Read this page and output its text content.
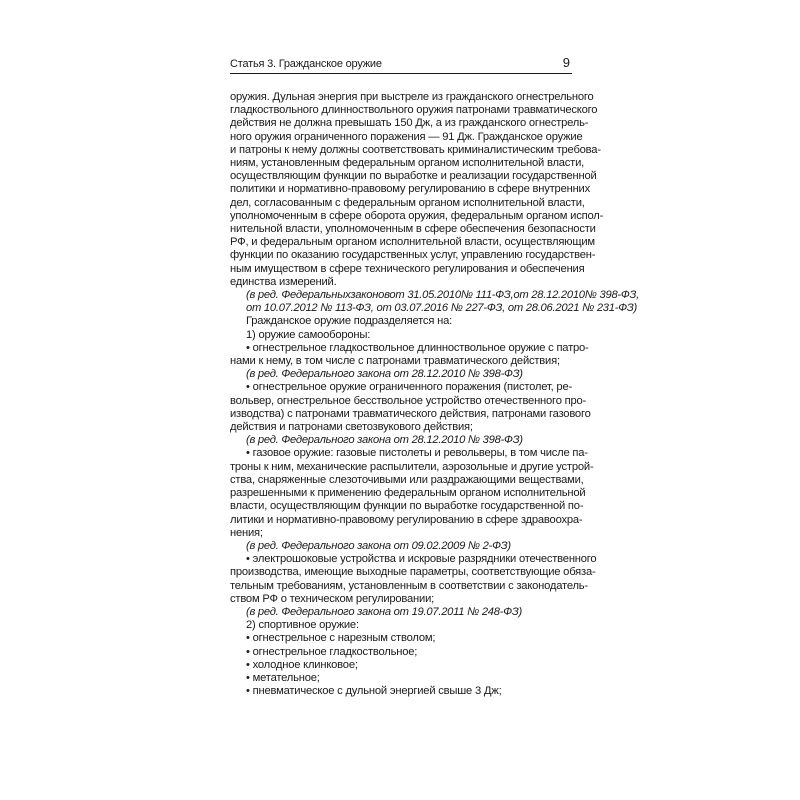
Статья 3. Гражданское оружие	9
оружия. Дульная энергия при выстреле из гражданского огнестрельного
гладкоствольного длинноствольного оружия патронами травматического
действия не должна превышать 150 Дж, а из гражданского огнестрель-
ного оружия ограниченного поражения — 91 Дж. Гражданское оружие
и патроны к нему должны соответствовать криминалистическим требова-
ниям, установленным федеральным органом исполнительной власти,
осуществляющим функции по выработке и реализации государственной
политики и нормативно-правовому регулированию в сфере внутренних
дел, согласованным с федеральным органом исполнительной власти,
уполномоченным в сфере оборота оружия, федеральным органом испол-
нительной власти, уполномоченным в сфере обеспечения безопасности
РФ, и федеральным органом исполнительной власти, осуществляющим
функции по оказанию государственных услуг, управлению государствен-
ным имуществом в сфере технического регулирования и обеспечения
единства измерений.
(в ред. Федеральныхзаконовот 31.05.2010№ 111-ФЗ,от 28.12.2010№ 398-ФЗ,
от 10.07.2012 № 113-ФЗ, от 03.07.2016 № 227-ФЗ, от 28.06.2021 № 231-ФЗ)
Гражданское оружие подразделяется на:
1) оружие самообороны:
• огнестрельное гладкоствольное длинноствольное оружие с патро-
нами к нему, в том числе с патронами травматического действия;
(в ред. Федерального закона от 28.12.2010 № 398-ФЗ)
• огнестрельное оружие ограниченного поражения (пистолет, ре-
вольвер, огнестрельное бесствольное устройство отечественного про-
изводства) с патронами травматического действия, патронами газового
действия и патронами светозвукового действия;
(в ред. Федерального закона от 28.12.2010 № 398-ФЗ)
• газовое оружие: газовые пистолеты и револьверы, в том числе па-
троны к ним, механические распылители, аэрозольные и другие устрой-
ства, снаряженные слезоточивыми или раздражающими веществами,
разрешенными к применению федеральным органом исполнительной
власти, осуществляющим функции по выработке государственной по-
литики и нормативно-правовому регулированию в сфере здравоохра-
нения;
(в ред. Федерального закона от 09.02.2009 № 2-ФЗ)
• электрошоковые устройства и искровые разрядники отечественного
производства, имеющие выходные параметры, соответствующие обяза-
тельным требованиям, установленным в соответствии с законодатель-
ством РФ о техническом регулировании;
(в ред. Федерального закона от 19.07.2011 № 248-ФЗ)
2) спортивное оружие:
• огнестрельное с нарезным стволом;
• огнестрельное гладкоствольное;
• холодное клинковое;
• метательное;
• пневматическое с дульной энергией свыше 3 Дж;
